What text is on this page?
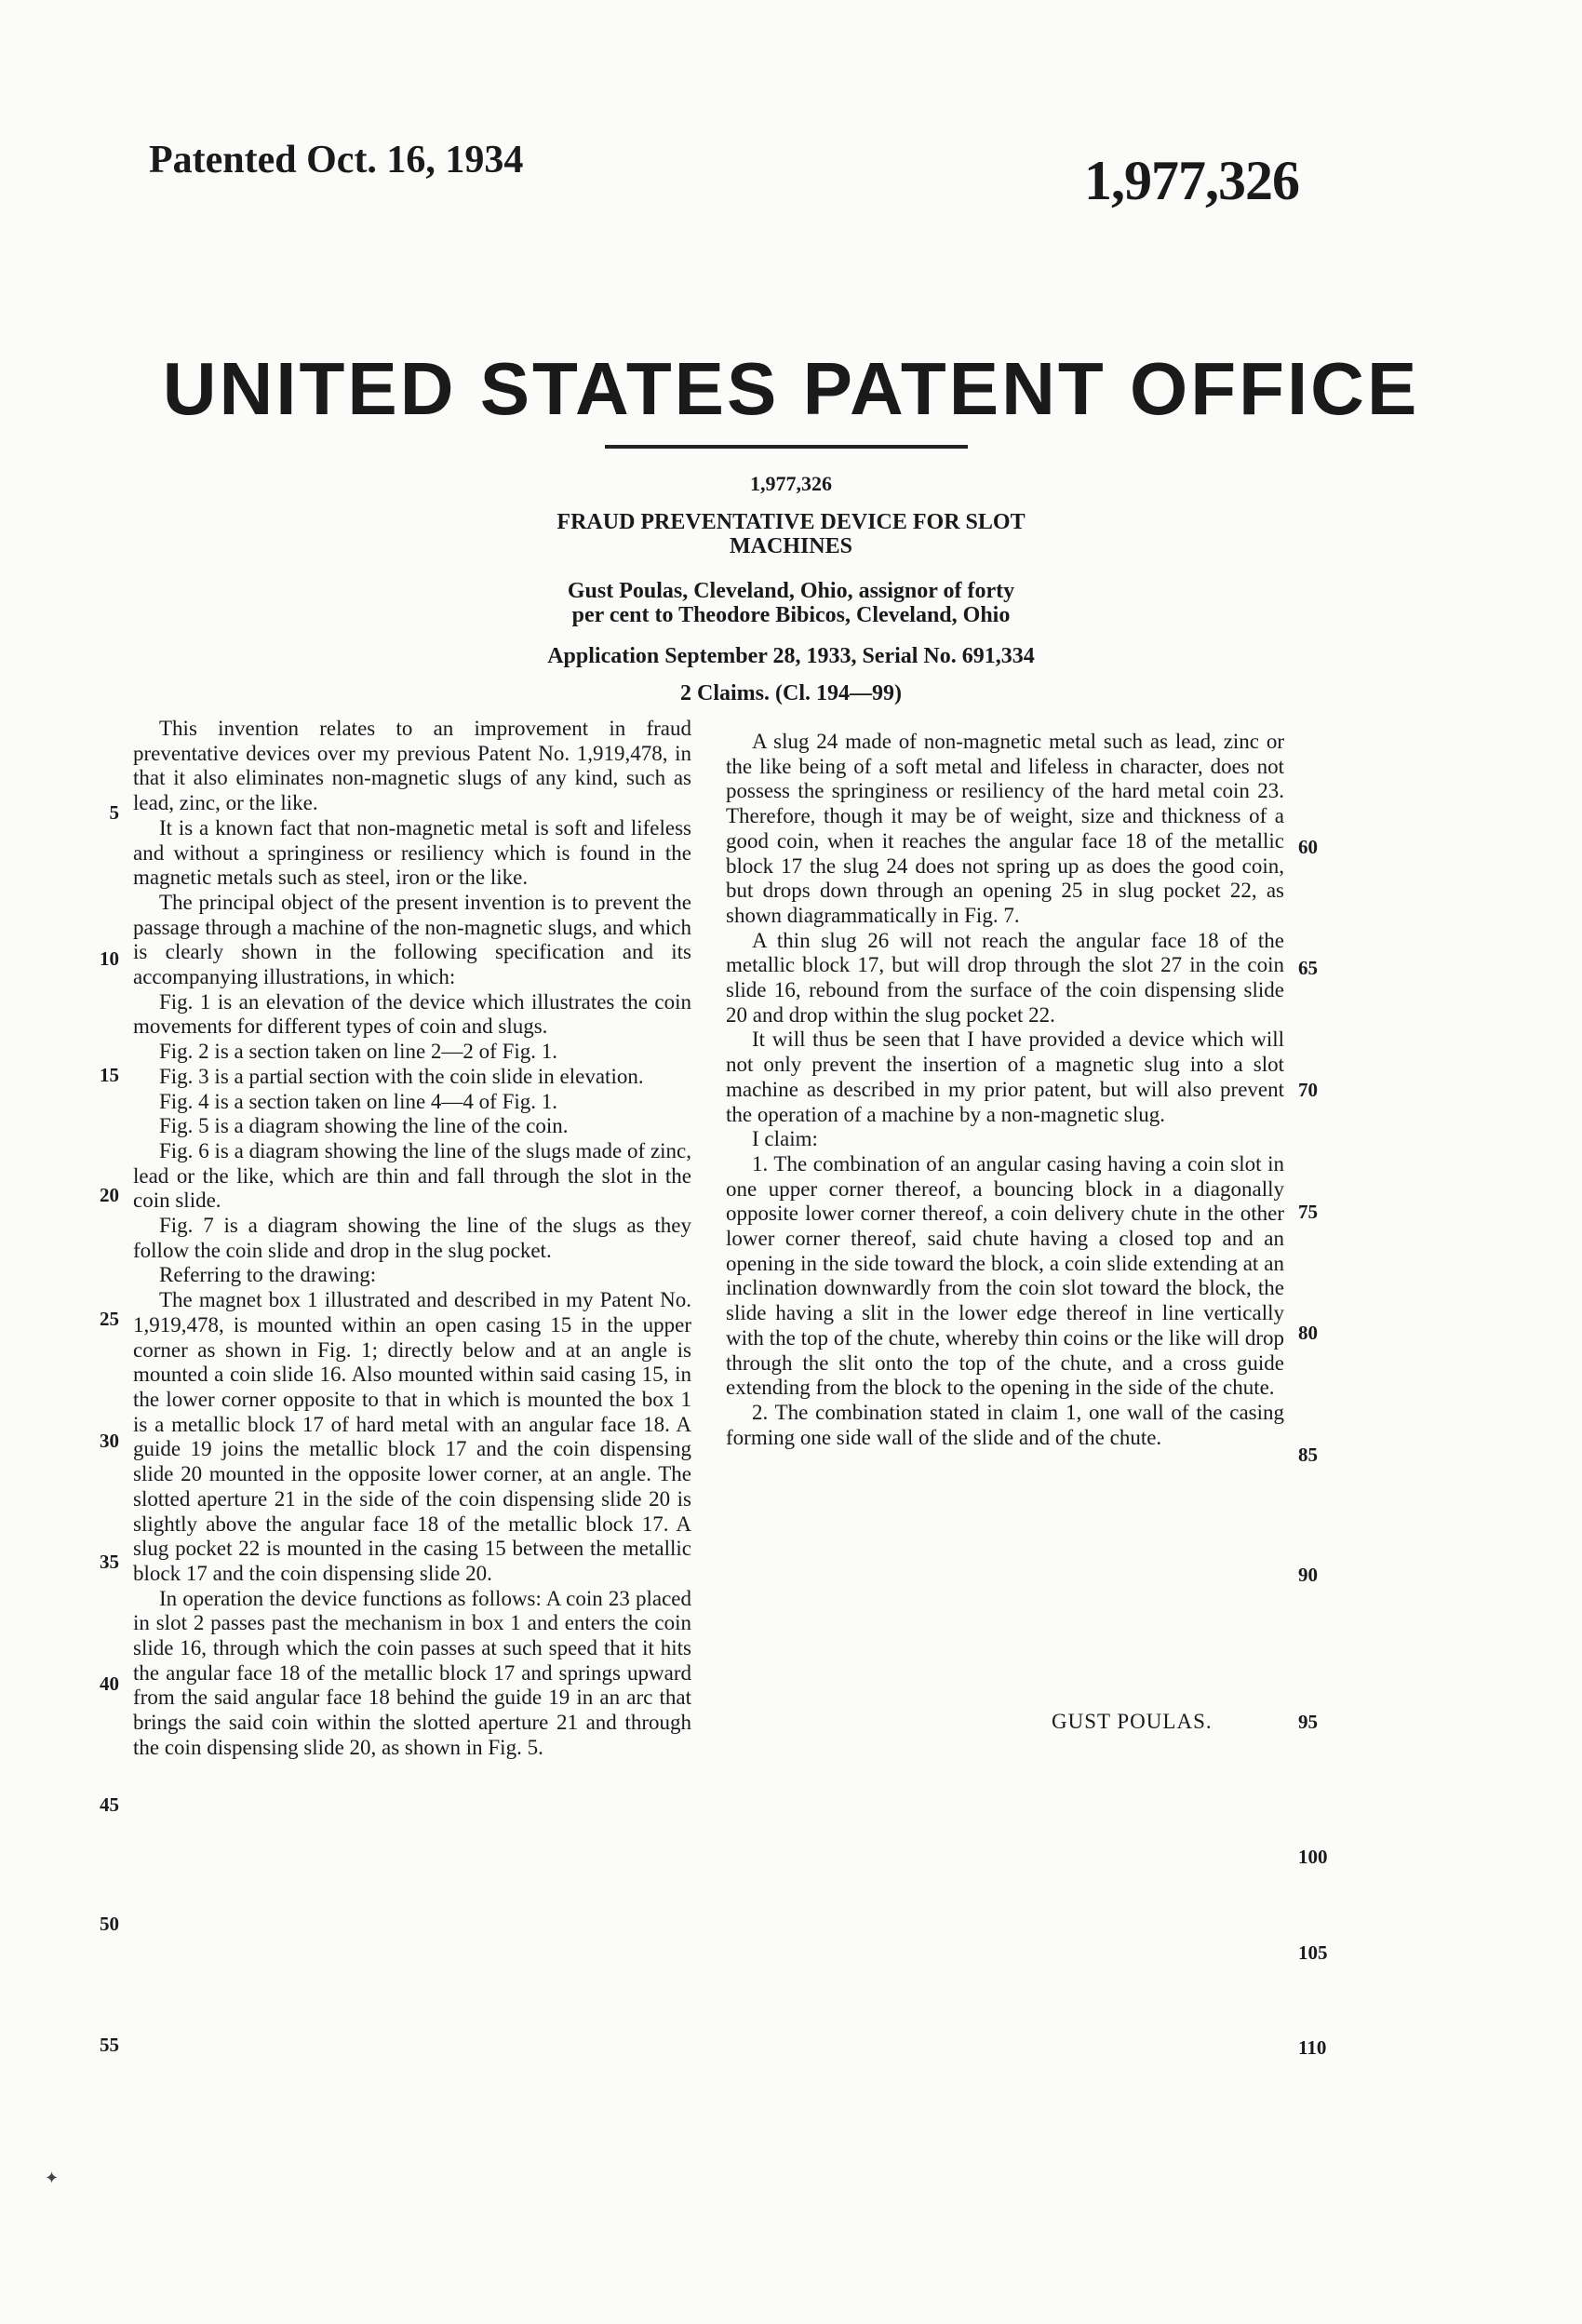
Patented Oct. 16, 1934	1,977,326
UNITED STATES PATENT OFFICE
1,977,326
FRAUD PREVENTATIVE DEVICE FOR SLOT
MACHINES
Gust Poulas, Cleveland, Ohio, assignor of forty
per cent to Theodore Bibicos, Cleveland, Ohio
Application September 28, 1933, Serial No. 691,334
2 Claims. (Cl. 194—99)

This invention relates to an improvement in fraud preventative devices over my previous Patent No. 1,919,478, in that it also eliminates non-magnetic slugs of any kind, such as lead, zinc, or the like.

It is a known fact that non-magnetic metal is soft and lifeless and without a springiness or resiliency which is found in the magnetic metals such as steel, iron or the like.

The principal object of the present invention is to prevent the passage through a machine of the non-magnetic slugs, and which is clearly shown in the following specification and its accompanying illustrations, in which:

Fig. 1 is an elevation of the device which illustrates the coin movements for different types of coin and slugs.

Fig. 2 is a section taken on line 2—2 of Fig. 1.

Fig. 3 is a partial section with the coin slide in elevation.

Fig. 4 is a section taken on line 4—4 of Fig. 1.

Fig. 5 is a diagram showing the line of the coin.

Fig. 6 is a diagram showing the line of the slugs made of zinc, lead or the like, which are thin and fall through the slot in the coin slide.

Fig. 7 is a diagram showing the line of the slugs as they follow the coin slide and drop in the slug pocket.

Referring to the drawing:

The magnet box 1 illustrated and described in my Patent No. 1,919,478, is mounted within an open casing 15 in the upper corner as shown in Fig. 1; directly below and at an angle is mounted a coin slide 16. Also mounted within said casing 15, in the lower corner opposite to that in which is mounted the box 1 is a metallic block 17 of hard metal with an angular face 18. A guide 19 joins the metallic block 17 and the coin dispensing slide 20 mounted in the opposite lower corner, at an angle. The slotted aperture 21 in the side of the coin dispensing slide 20 is slightly above the angular face 18 of the metallic block 17. A slug pocket 22 is mounted in the casing 15 between the metallic block 17 and the coin dispensing slide 20.

In operation the device functions as follows: A coin 23 placed in slot 2 passes past the mechanism in box 1 and enters the coin slide 16, through which the coin passes at such speed that it hits the angular face 18 of the metallic block 17 and springs upward from the said angular face 18 behind the guide 19 in an arc that brings the said coin within the slotted aperture 21 and through the coin dispensing slide 20, as shown in Fig. 5.

A slug 24 made of non-magnetic metal such as lead, zinc or the like being of a soft metal and lifeless in character, does not possess the springiness or resiliency of the hard metal coin 23. Therefore, though it may be of weight, size and thickness of a good coin, when it reaches the angular face 18 of the metallic block 17 the slug 24 does not spring up as does the good coin, but drops down through an opening 25 in slug pocket 22, as shown diagrammatically in Fig. 7.

A thin slug 26 will not reach the angular face 18 of the metallic block 17, but will drop through the slot 27 in the coin slide 16, rebound from the surface of the coin dispensing slide 20 and drop within the slug pocket 22.

It will thus be seen that I have provided a device which will not only prevent the insertion of a magnetic slug into a slot machine as described in my prior patent, but will also prevent the operation of a machine by a non-magnetic slug.

I claim:

1. The combination of an angular casing having a coin slot in one upper corner thereof, a bouncing block in a diagonally opposite lower corner thereof, a coin delivery chute in the other lower corner thereof, said chute having a closed top and an opening in the side toward the block, a coin slide extending at an inclination downwardly from the coin slot toward the block, the slide having a slit in the lower edge thereof in line vertically with the top of the chute, whereby thin coins or the like will drop through the slit onto the top of the chute, and a cross guide extending from the block to the opening in the side of the chute.

2. The combination stated in claim 1, one wall of the casing forming one side wall of the slide and of the chute.

GUST POULAS.
5
10
15
20
25
30
35
40
45
50
55
60
65
70
75
80
85
90
95
100
105
110
✦
